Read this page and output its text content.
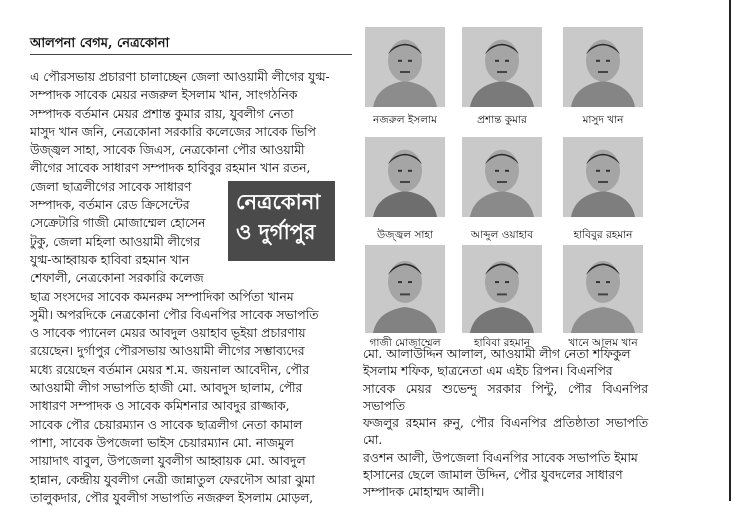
আলপনা বেগম, নেত্রকোনা

এ পৌরসভায় প্রচারণা চালাচ্ছেন জেলা আওয়ামী লীগের যুগ্ম-

সম্পাদক সাবেক মেয়র নজরুল ইসলাম খান, সাংগঠনিক

সম্পাদক বর্তমান মেয়র প্রশান্ত কুমার রায়, যুবলীগ নেতা

মাসুদ খান জনি, নেত্রকোনা সরকারি কলেজের সাবেক ভিপি

উজ্জ্বল সাহা, সাবেক জিএস, নেত্রকোনা পৌর আওয়ামী

লীগের সাবেক সাধারণ সম্পাদক হাবিবুর রহমান খান রতন,

জেলা ছাত্রলীগের সাবেক সাধারণ

সম্পাদক, বর্তমান রেড ক্রিসেন্টের

সেক্রেটারি গাজী মোজাম্মেল হোসেন

টুকু, জেলা মহিলা আওয়ামী লীগের

যুগ্ম-আহ্বায়ক হাবিবা রহমান খান

শেফালী, নেত্রকোনা সরকারি কলেজ

ছাত্র সংসদের সাবেক কমনরুম সম্পাদিকা অর্পিতা খানম

সুমী। অপরদিকে নেত্রকোনা পৌর বিএনপির সাবেক সভাপতি

ও সাবেক প্যানেল মেয়র আবদুল ওয়াহাব ভূইয়া প্রচারণায়

রয়েছেন। দুর্গাপুর পৌরসভায় আওয়ামী লীগের সম্ভাব্যদের

মধ্যে রয়েছেন বর্তমান মেয়র শ.ম. জয়নাল আবেদীন, পৌর

আওয়ামী লীগ সভাপতি হাজী মো. আবদুস ছালাম, পৌর

সাধারণ সম্পাদক ও সাবেক কমিশনার আবদুর রাজ্জাক,

সাবেক পৌর চেয়ারম্যান ও সাবেক ছাত্রলীগ নেতা কামাল

পাশা, সাবেক উপজেলা ভাইস চেয়ারম্যান মো. নাজমুল

সায়াদাৎ বাবুল, উপজেলা যুবলীগ আহ্বায়ক মো. আবদুল

হান্নান, কেন্দ্রীয় যুবলীগ নেত্রী জান্নাতুল ফেরদৌস আরা ঝুমা

তালুকদার, পৌর যুবলীগ সভাপতি নজরুল ইসলাম মোড়ল,

নেত্রকোনা
ও দুর্গাপুর
নজরুল ইসলাম	প্রশান্ত কুমার	মাসুদ খান
উজ্জ্বল সাহা	আব্দুল ওয়াহাব	হাবিবুর রহমান
গাজী মোজাম্মেল	হাবিবা রহমান	খানে আলম খান

মো. আলাউদ্দিন আলাল, আওয়ামী লীগ নেতা শফিকুল

ইসলাম শফিক, ছাত্রনেতা এম এইচ রিপন। বিএনপির

সাবেক মেয়র শুভেন্দু সরকার পিন্টু, পৌর বিএনপির সভাপতি

ফজলুর রহমান রুনু, পৌর বিএনপির প্রতিষ্ঠাতা সভাপতি মো.

রওশন আলী, উপজেলা বিএনপির সাবেক সভাপতি ইমাম

হাসানের ছেলে জামাল উদ্দিন, পৌর যুবদলের সাধারণ

সম্পাদক মোহাম্মদ আলী।
